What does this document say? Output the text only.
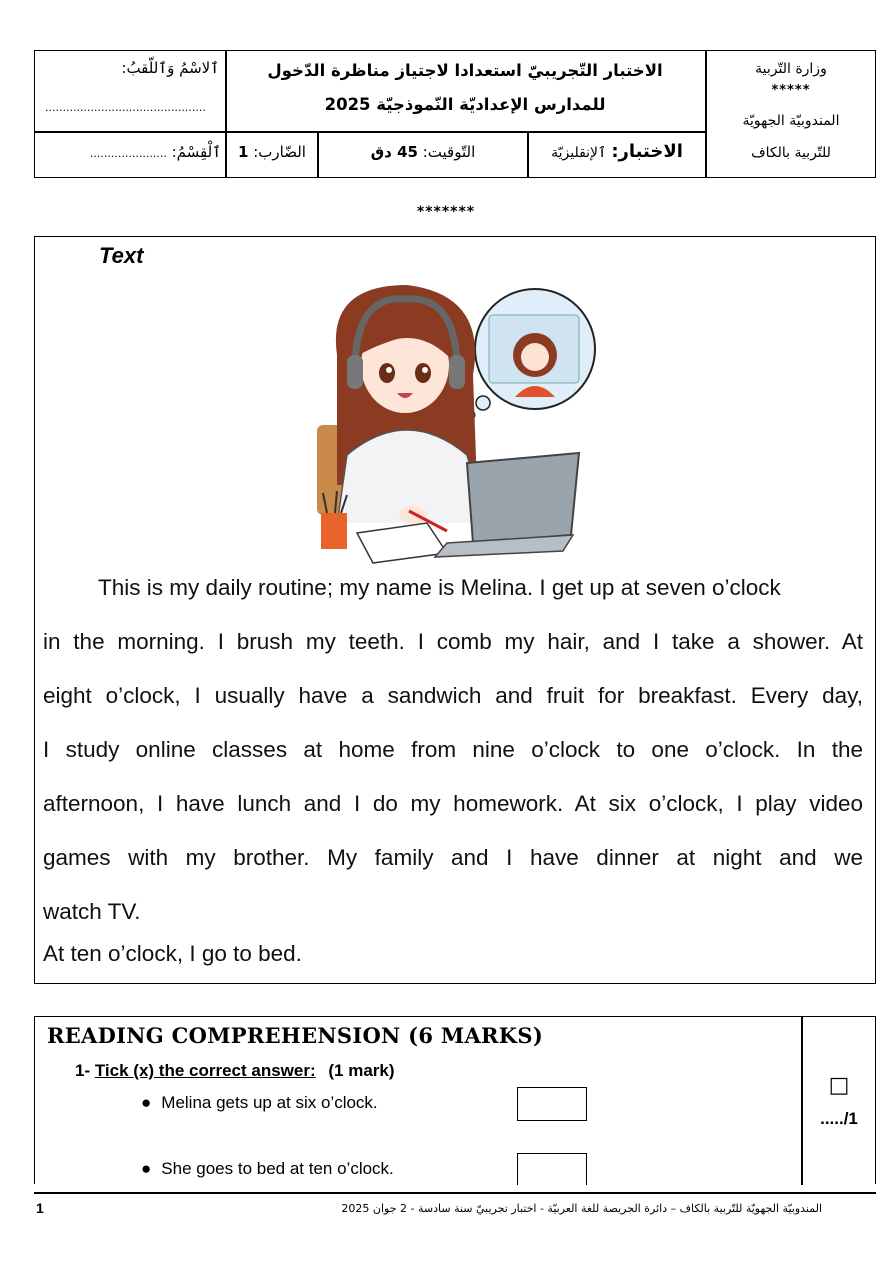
ٱلاسْمُ وَٱللّقبُ:
..............................................
ٱلْقِسْمُ: ......................
الاختبار التّجريبيّ استعدادا لاجتياز مناظرة الدّخول
للمدارس الإعداديّة النّموذجيّة 2025
الضّارب: 1	التّوقيت: 45 دق	الاختبار: ٱلإنقليزيّة
وزارة التّربية
*****
المندوبيّة الجهويّة
للتّربية بالكاف
*******
Text
This is my daily routine; my name is Melina. I get up at seven o’clock
in the morning. I brush my teeth. I comb my hair, and I take a shower. At
eight o’clock, I usually have a sandwich and fruit for breakfast. Every day,
I study online classes at home from nine o’clock to one o’clock. In the
afternoon, I have lunch and I do my homework. At six o’clock, I play video
games with my brother. My family and I have dinner at night and we
watch TV.
At ten o’clock, I go to bed.
READING COMPREHENSION (6 MARKS)
1- Tick (x) the correct answer: (1 mark)
● Melina gets up at six o’clock.
● She goes to bed at ten o’clock.
□
...../1
1	المندوبيّة الجهويّة للتّربية بالكاف – دائرة الجريصة للغة العربيّة - اختبار تجريبيّ سنة سادسة - 2 جوان 2025
